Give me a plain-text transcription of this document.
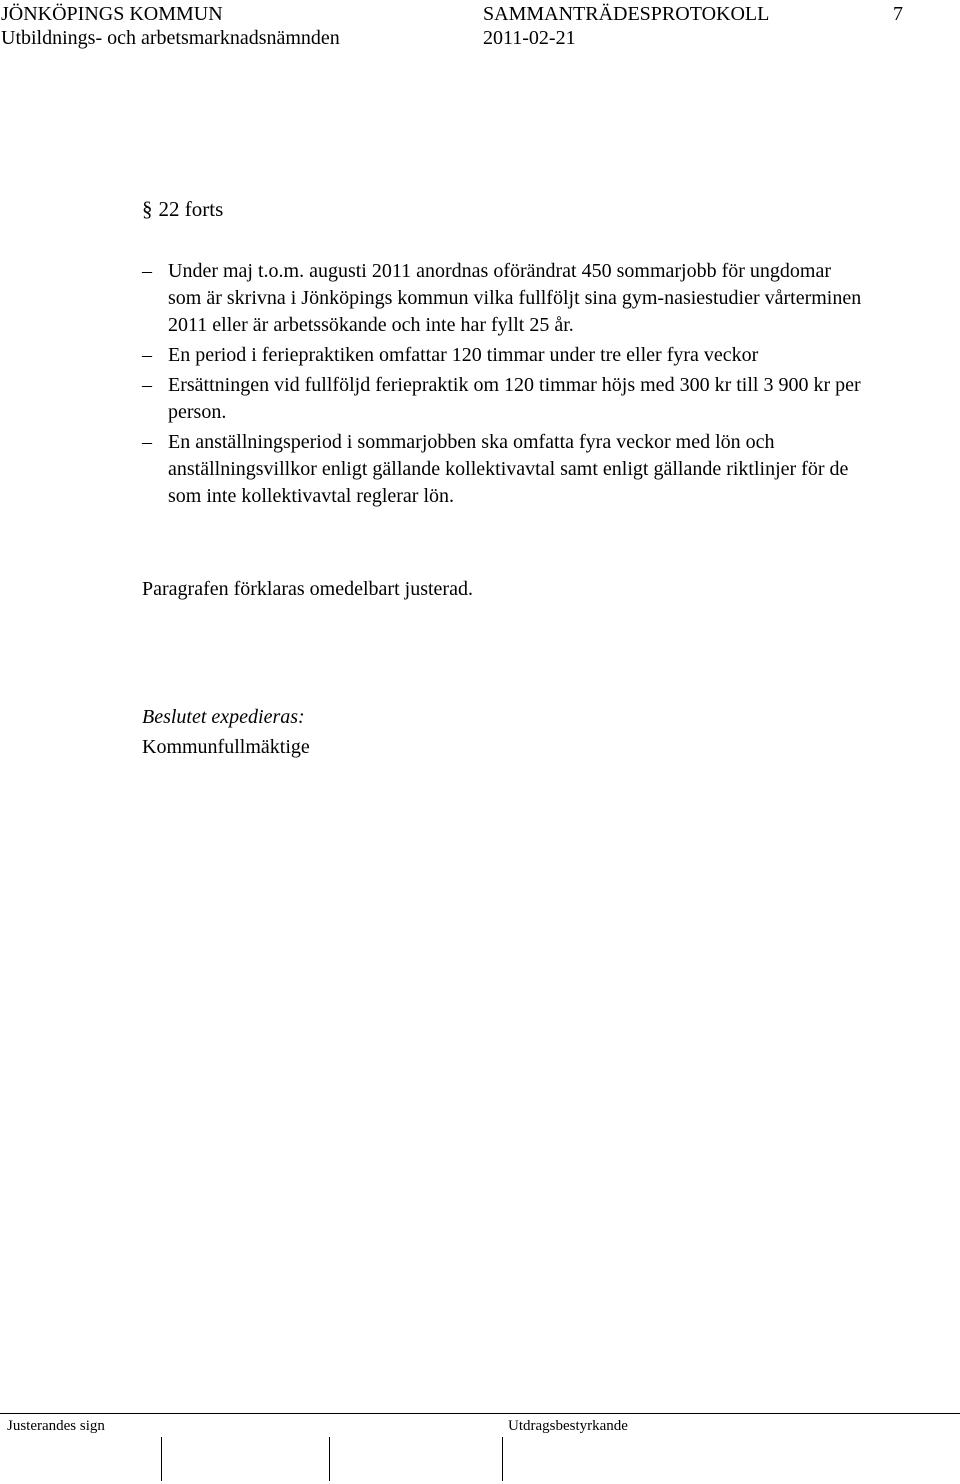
JÖNKÖPINGS KOMMUN
Utbildnings- och arbetsmarknadsnämnden
SAMMANTRÄDESPROTOKOLL
2011-02-21
7
§ 22 forts
– Under maj t.o.m. augusti 2011 anordnas oförändrat 450 sommarjobb för ungdomar som är skrivna i Jönköpings kommun vilka fullföljt sina gym-nasiestudier vårterminen 2011 eller är arbetssökande och inte har fyllt 25 år.
– En period i feriepraktiken omfattar 120 timmar under tre eller fyra veckor
– Ersättningen vid fullföljd feriepraktik om 120 timmar höjs med 300 kr till 3 900 kr per person.
– En anställningsperiod i sommarjobben ska omfatta fyra veckor med lön och anställningsvillkor enligt gällande kollektivavtal samt enligt gällande riktlinjer för de som inte kollektivavtal reglerar lön.
Paragrafen förklaras omedelbart justerad.
Beslutet expedieras:
Kommunfullmäktige
Justerandes sign	Utdragsbestyrkande
